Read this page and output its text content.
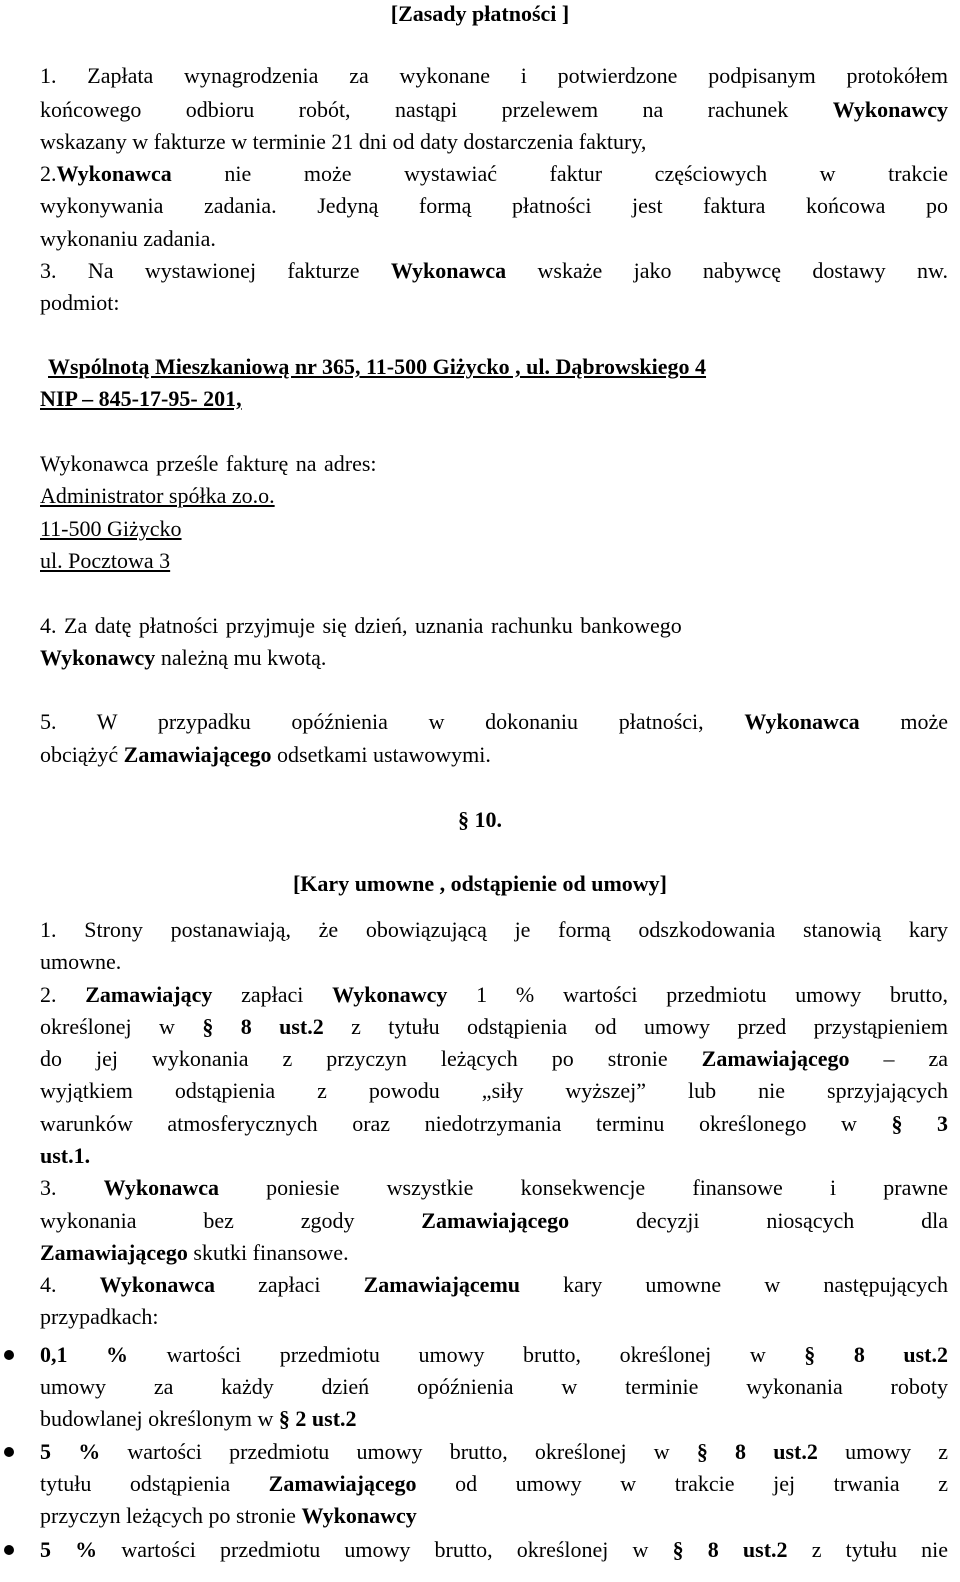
[Zasady płatności ]
1. Zapłata wynagrodzenia za wykonane i potwierdzone podpisanym protokółem
końcowego odbioru robót, nastąpi przelewem na rachunek Wykonawcy
wskazany w fakturze w terminie 21 dni od daty dostarczenia faktury,
2.Wykonawca nie może wystawiać faktur częściowych w trakcie
wykonywania zadania. Jedyną formą płatności jest faktura końcowa po
wykonaniu zadania.
3. Na wystawionej fakturze Wykonawca wskaże jako nabywcę dostawy nw.
podmiot:
Wspólnotą Mieszkaniową nr 365, 11-500 Giżycko , ul. Dąbrowskiego 4
NIP – 845-17-95- 201,
Wykonawca prześle fakturę na adres:
Administrator spółka zo.o.
11-500 Giżycko
ul. Pocztowa 3
4. Za datę płatności przyjmuje się dzień, uznania rachunku bankowego
Wykonawcy należną mu kwotą.
5. W przypadku opóźnienia w dokonaniu płatności, Wykonawca może
obciążyć Zamawiającego odsetkami ustawowymi.
§ 10.
[Kary umowne , odstąpienie od umowy]
1. Strony postanawiają, że obowiązującą je formą odszkodowania stanowią kary
umowne.
2. Zamawiający zapłaci Wykonawcy 1 % wartości przedmiotu umowy brutto,
określonej w § 8 ust.2 z tytułu odstąpienia od umowy przed przystąpieniem
do jej wykonania z przyczyn leżących po stronie Zamawiającego – za
wyjątkiem odstąpienia z powodu „siły wyższej” lub nie sprzyjających
warunków atmosferycznych oraz niedotrzymania terminu określonego w § 3
ust.1.
3. Wykonawca poniesie wszystkie konsekwencje finansowe i prawne
wykonania bez zgody Zamawiającego decyzji niosących dla
Zamawiającego skutki finansowe.
4. Wykonawca zapłaci Zamawiającemu kary umowne w następujących
przypadkach:
0,1 % wartości przedmiotu umowy brutto, określonej w § 8 ust.2
umowy za każdy dzień opóźnienia w terminie wykonania roboty
budowlanej określonym w § 2 ust.2
5 % wartości przedmiotu umowy brutto, określonej w § 8 ust.2 umowy z
tytułu odstąpienia Zamawiającego od umowy w trakcie jej trwania z
przyczyn leżących po stronie Wykonawcy
5 % wartości przedmiotu umowy brutto, określonej w § 8 ust.2 z tytułu nie
